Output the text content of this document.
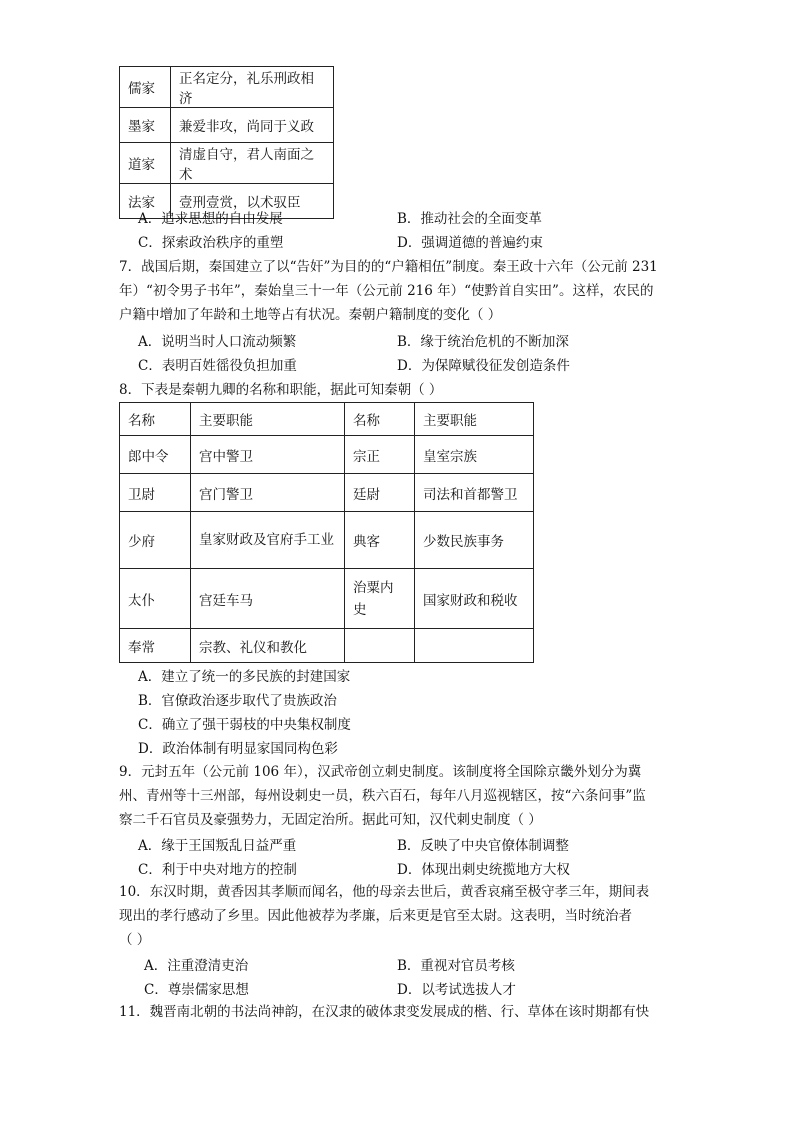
儒家	正名定分，礼乐刑政相济
墨家	兼爱非攻，尚同于义政
道家	清虚自守，君人南面之术
法家	壹刑壹赏，以术驭臣
A．追求思想的自由发展	B．推动社会的全面变革
C．探索政治秩序的重塑	D．强调道德的普遍约束
7．战国后期，秦国建立了以“告奸”为目的的“户籍相伍”制度。秦王政十六年（公元前 231
年）“初令男子书年”，秦始皇三十一年（公元前 216 年）“使黔首自实田”。这样，农民的
户籍中增加了年龄和土地等占有状况。秦朝户籍制度的变化（ ）
A．说明当时人口流动频繁	B．缘于统治危机的不断加深
C．表明百姓徭役负担加重	D．为保障赋役征发创造条件
8．下表是秦朝九卿的名称和职能，据此可知秦朝（ ）
名称	主要职能	名称	主要职能
郎中令	宫中警卫	宗正	皇室宗族
卫尉	宫门警卫	廷尉	司法和首都警卫
少府	皇家财政及官府手工业	典客	少数民族事务
太仆	宫廷车马	治粟内史	国家财政和税收
奉常	宗教、礼仪和教化		
A．建立了统一的多民族的封建国家
B．官僚政治逐步取代了贵族政治
C．确立了强干弱枝的中央集权制度
D．政治体制有明显家国同构色彩
9．元封五年（公元前 106 年），汉武帝创立刺史制度。该制度将全国除京畿外划分为冀
州、青州等十三州部，每州设刺史一员，秩六百石，每年八月巡视辖区，按“六条问事”监
察二千石官员及豪强势力，无固定治所。据此可知，汉代刺史制度（ ）
A．缘于王国叛乱日益严重	B．反映了中央官僚体制调整
C．利于中央对地方的控制	D．体现出刺史统揽地方大权
10．东汉时期，黄香因其孝顺而闻名，他的母亲去世后，黄香哀痛至极守孝三年，期间表
现出的孝行感动了乡里。因此他被荐为孝廉，后来更是官至太尉。这表明，当时统治者
（ ）
A．注重澄清吏治	B．重视对官员考核
C．尊崇儒家思想	D．以考试选拔人才
11．魏晋南北朝的书法尚神韵，在汉隶的破体隶变发展成的楷、行、草体在该时期都有快
